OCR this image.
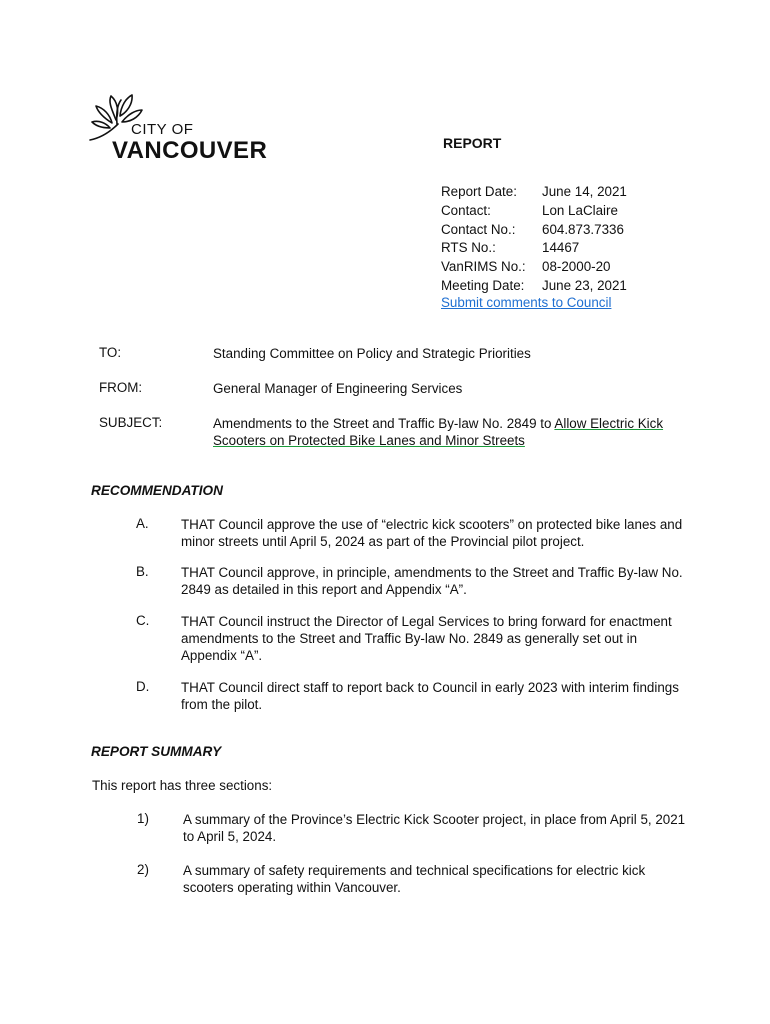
CITY OF
VANCOUVER	REPORT
Report Date:	June 14, 2021
Contact:	Lon LaClaire
Contact No.:	604.873.7336
RTS No.:	14467
VanRIMS No.:	08-2000-20
Meeting Date:	June 23, 2021
Submit comments to Council
TO:	Standing Committee on Policy and Strategic Priorities
FROM:	General Manager of Engineering Services
SUBJECT:	Amendments to the Street and Traffic By-law No. 2849 to Allow Electric Kick Scooters on Protected Bike Lanes and Minor Streets
RECOMMENDATION
A. THAT Council approve the use of “electric kick scooters” on protected bike lanes and minor streets until April 5, 2024 as part of the Provincial pilot project.
B. THAT Council approve, in principle, amendments to the Street and Traffic By-law No. 2849 as detailed in this report and Appendix “A”.
C. THAT Council instruct the Director of Legal Services to bring forward for enactment amendments to the Street and Traffic By-law No. 2849 as generally set out in Appendix “A”.
D. THAT Council direct staff to report back to Council in early 2023 with interim findings from the pilot.
REPORT SUMMARY
This report has three sections:
1)	A summary of the Province’s Electric Kick Scooter project, in place from April 5, 2021 to April 5, 2024.
2)	A summary of safety requirements and technical specifications for electric kick scooters operating within Vancouver.
